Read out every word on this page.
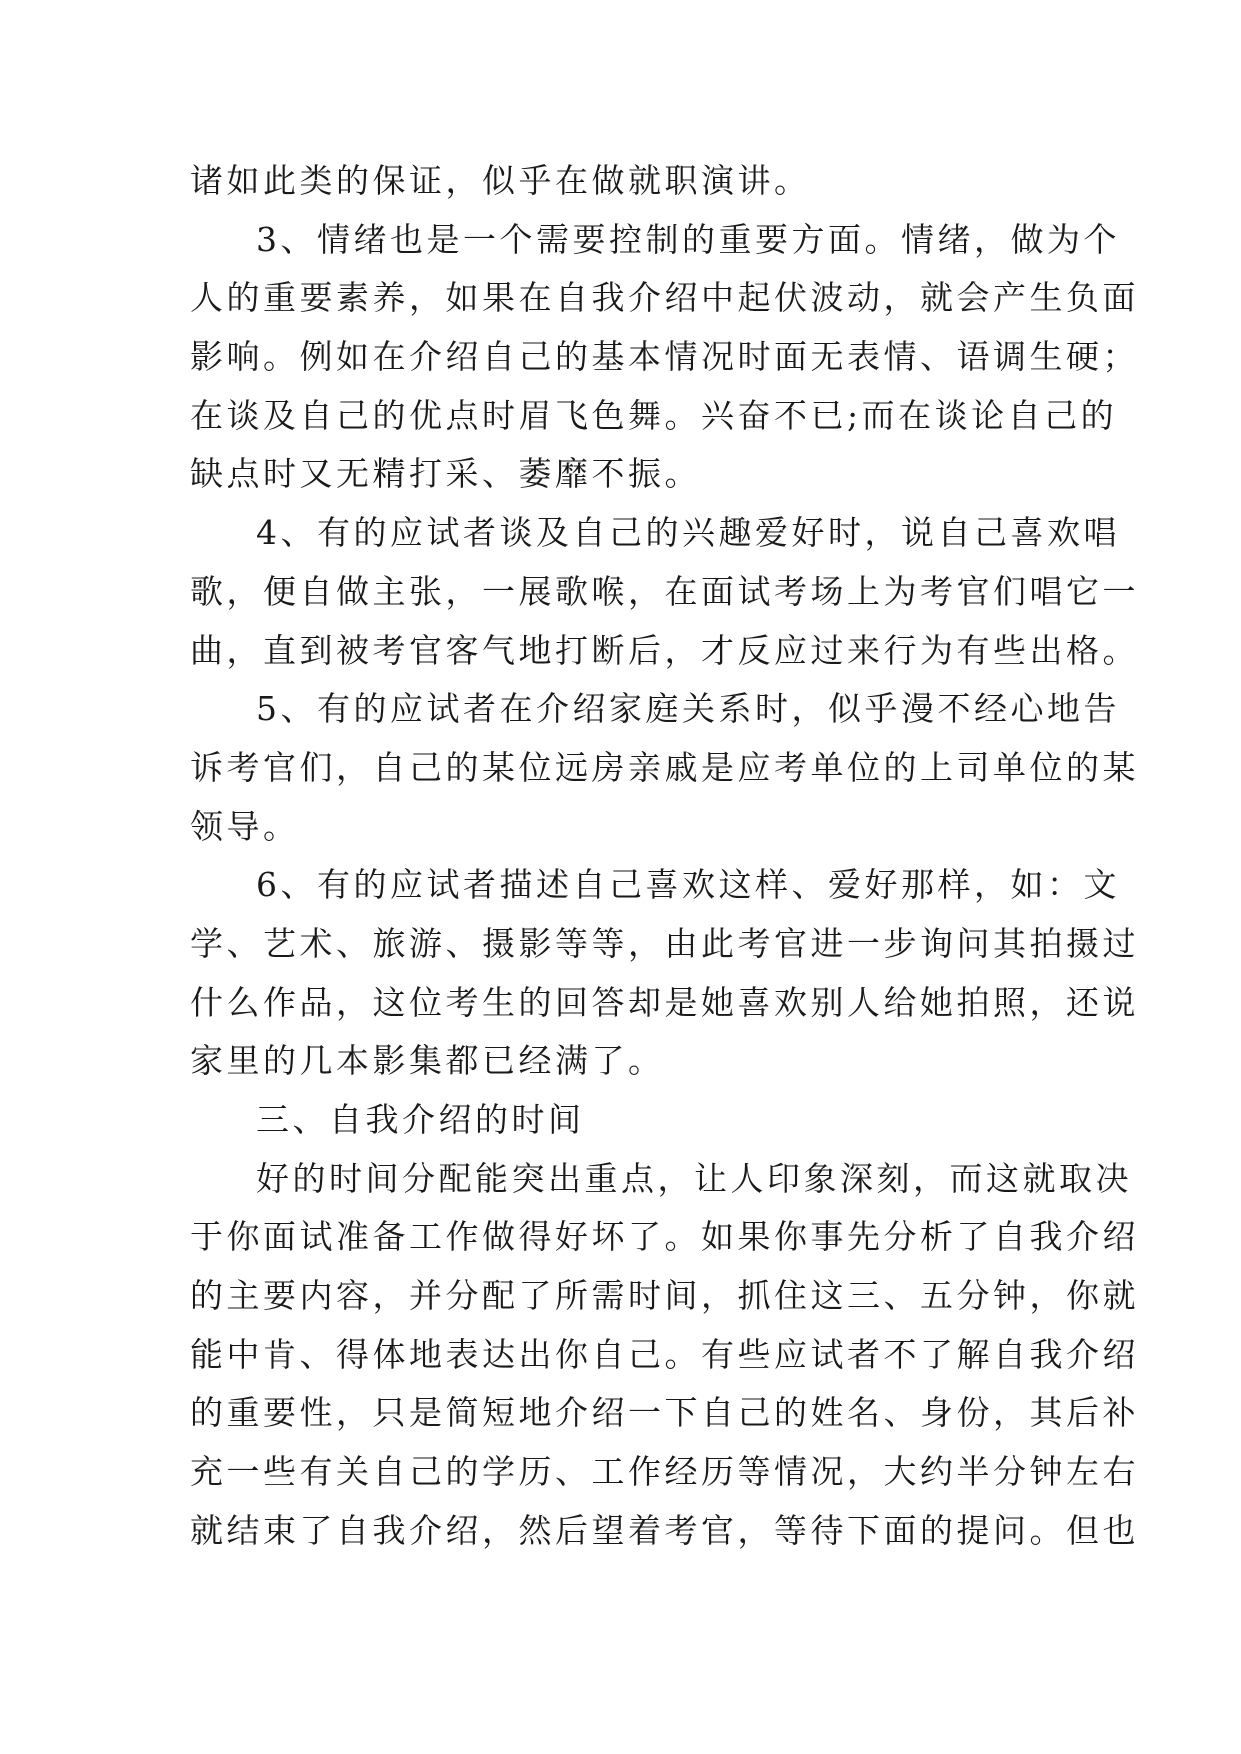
诸如此类的保证，似乎在做就职演讲。
3、情绪也是一个需要控制的重要方面。情绪，做为个
人的重要素养，如果在自我介绍中起伏波动，就会产生负面
影响。例如在介绍自己的基本情况时面无表情、语调生硬；
在谈及自己的优点时眉飞色舞。兴奋不已;而在谈论自己的
缺点时又无精打采、萎靡不振。
4、有的应试者谈及自己的兴趣爱好时，说自己喜欢唱
歌，便自做主张，一展歌喉，在面试考场上为考官们唱它一
曲，直到被考官客气地打断后，才反应过来行为有些出格。
5、有的应试者在介绍家庭关系时，似乎漫不经心地告
诉考官们，自己的某位远房亲戚是应考单位的上司单位的某
领导。
6、有的应试者描述自己喜欢这样、爱好那样，如：文
学、艺术、旅游、摄影等等，由此考官进一步询问其拍摄过
什么作品，这位考生的回答却是她喜欢别人给她拍照，还说
家里的几本影集都已经满了。
三、自我介绍的时间
好的时间分配能突出重点，让人印象深刻，而这就取决
于你面试准备工作做得好坏了。如果你事先分析了自我介绍
的主要内容，并分配了所需时间，抓住这三、五分钟，你就
能中肯、得体地表达出你自己。有些应试者不了解自我介绍
的重要性，只是简短地介绍一下自己的姓名、身份，其后补
充一些有关自己的学历、工作经历等情况，大约半分钟左右
就结束了自我介绍，然后望着考官，等待下面的提问。但也
